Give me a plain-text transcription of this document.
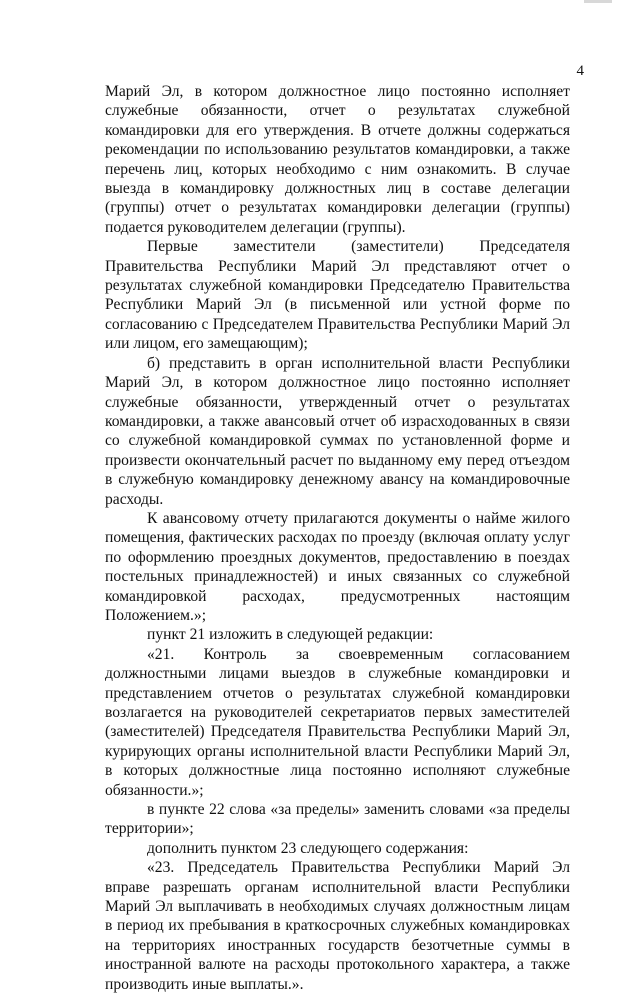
4

Марий Эл, в котором должностное лицо постоянно исполняет служебные обязанности, отчет о результатах служебной командировки для его утверждения. В отчете должны содержаться рекомендации по использованию результатов командировки, а также перечень лиц, которых необходимо с ним ознакомить. В случае выезда в командировку должностных лиц в составе делегации (группы) отчет о результатах командировки делегации (группы) подается руководителем делегации (группы).

Первые заместители (заместители) Председателя Правительства Республики Марий Эл представляют отчет о результатах служебной командировки Председателю Правительства Республики Марий Эл (в письменной или устной форме по согласованию с Председателем Правительства Республики Марий Эл или лицом, его замещающим);

б) представить в орган исполнительной власти Республики Марий Эл, в котором должностное лицо постоянно исполняет служебные обязанности, утвержденный отчет о результатах командировки, а также авансовый отчет об израсходованных в связи со служебной командировкой суммах по установленной форме и произвести окончательный расчет по выданному ему перед отъездом в служебную командировку денежному авансу на командировочные расходы.

К авансовому отчету прилагаются документы о найме жилого помещения, фактических расходах по проезду (включая оплату услуг по оформлению проездных документов, предоставлению в поездах постельных принадлежностей) и иных связанных со служебной командировкой расходах, предусмотренных настоящим Положением.»;

пункт 21 изложить в следующей редакции:

«21. Контроль за своевременным согласованием должностными лицами выездов в служебные командировки и представлением отчетов о результатах служебной командировки возлагается на руководителей секретариатов первых заместителей (заместителей) Председателя Правительства Республики Марий Эл, курирующих органы исполнительной власти Республики Марий Эл, в которых должностные лица постоянно исполняют служебные обязанности.»;

в пункте 22 слова «за пределы» заменить словами «за пределы территории»;

дополнить пунктом 23 следующего содержания:

«23. Председатель Правительства Республики Марий Эл вправе разрешать органам исполнительной власти Республики Марий Эл выплачивать в необходимых случаях должностным лицам в период их пребывания в краткосрочных служебных командировках на территориях иностранных государств безотчетные суммы в иностранной валюте на расходы протокольного характера, а также производить иные выплаты.».
